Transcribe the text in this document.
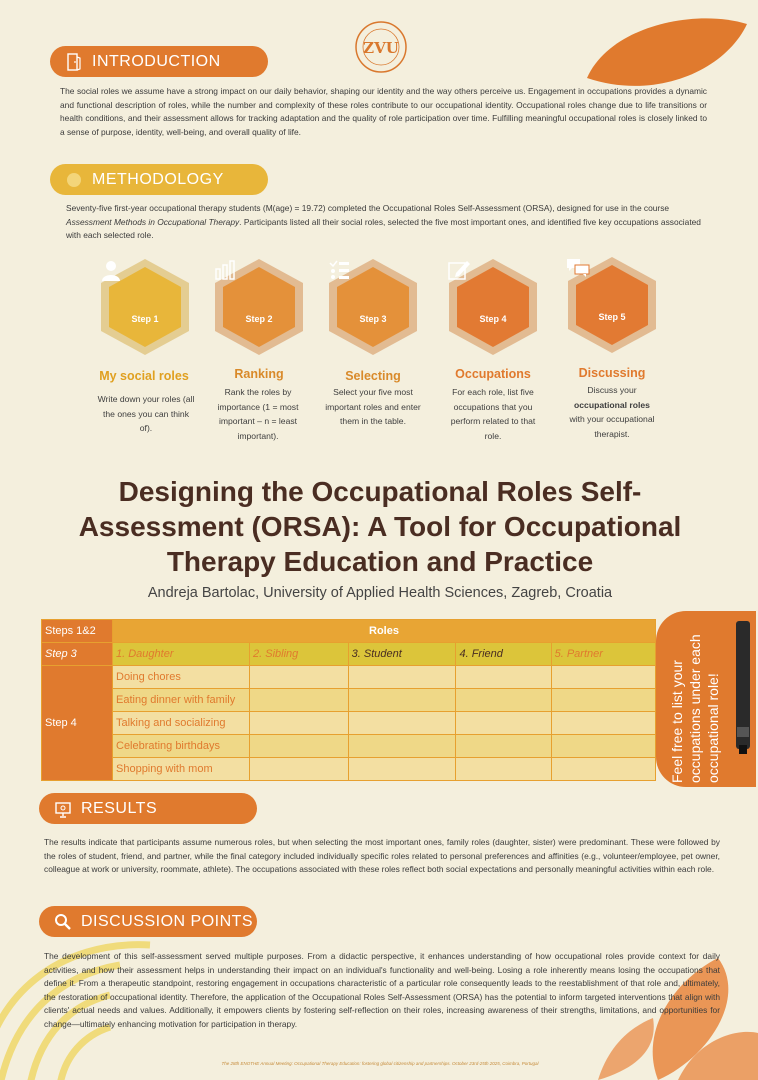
ZVU
INTRODUCTION
The social roles we assume have a strong impact on our daily behavior, shaping our identity and the way others perceive us. Engagement in occupations provides a dynamic and functional description of roles, while the number and complexity of these roles contribute to our occupational identity. Occupational roles change due to life transitions or health conditions, and their assessment allows for tracking adaptation and the quality of role participation over time. Fulfilling meaningful occupational roles is closely linked to a sense of purpose, identity, well-being, and overall quality of life.
METHODOLOGY
Seventy-five first-year occupational therapy students (M(age) = 19.72) completed the Occupational Roles Self-Assessment (ORSA), designed for use in the course Assessment Methods in Occupational Therapy. Participants listed all their social roles, selected the five most important ones, and identified five key occupations associated with each selected role.
Step 1	Step 2	Step 3	Step 4	Step 5
My social roles	Ranking	Selecting	Occupations	Discussing
Write down your roles (all the ones you can think of).
Rank the roles by importance (1 = most important – n = least important).
Select your five most important roles and enter them in the table.
For each role, list five occupations that you perform related to that role.
Discuss your
occupational roles
with your occupational therapist.
Designing the Occupational Roles Self-Assessment (ORSA): A Tool for Occupational Therapy Education and Practice
Andreja Bartolac, University of Applied Health Sciences, Zagreb, Croatia
Feel free to list your occupations under each occupational role!
Steps 1&2	Roles				
Step 3	1. Daughter	2. Sibling	3. Student	4. Friend	5. Partner
Step 4	Doing chores				
	Eating dinner with family				
	Talking and socializing				
	Celebrating birthdays				
	Shopping with mom				
RESULTS
The results indicate that participants assume numerous roles, but when selecting the most important ones, family roles (daughter, sister) were predominant. These were followed by the roles of student, friend, and partner, while the final category included individually specific roles related to personal preferences and affinities (e.g., volunteer/employee, pet owner, colleague at work or university, roommate, athlete). The occupations associated with these roles reflect both social expectations and personally meaningful activities within each role.
DISCUSSION POINTS
The development of this self-assessment served multiple purposes. From a didactic perspective, it enhances understanding of how occupational roles provide context for daily activities, and how their assessment helps in understanding their impact on an individual's functionality and well-being. Losing a role inherently means losing the occupations that define it. From a therapeutic standpoint, restoring engagement in occupations characteristic of a particular role consequently leads to the reestablishment of that role and, ultimately, the restoration of occupational identity. Therefore, the application of the Occupational Roles Self-Assessment (ORSA) has the potential to inform targeted interventions that align with clients' actual needs and values. Additionally, it empowers clients by fostering self-reflection on their roles, increasing awareness of their strengths, limitations, and opportunities for change—ultimately enhancing motivation for participation in therapy.
The 28th ENOTHE Annual Meeting: Occupational Therapy Education: fostering global citizenship and partnerships. October 23rd-25th 2025, Coimbra, Portugal
